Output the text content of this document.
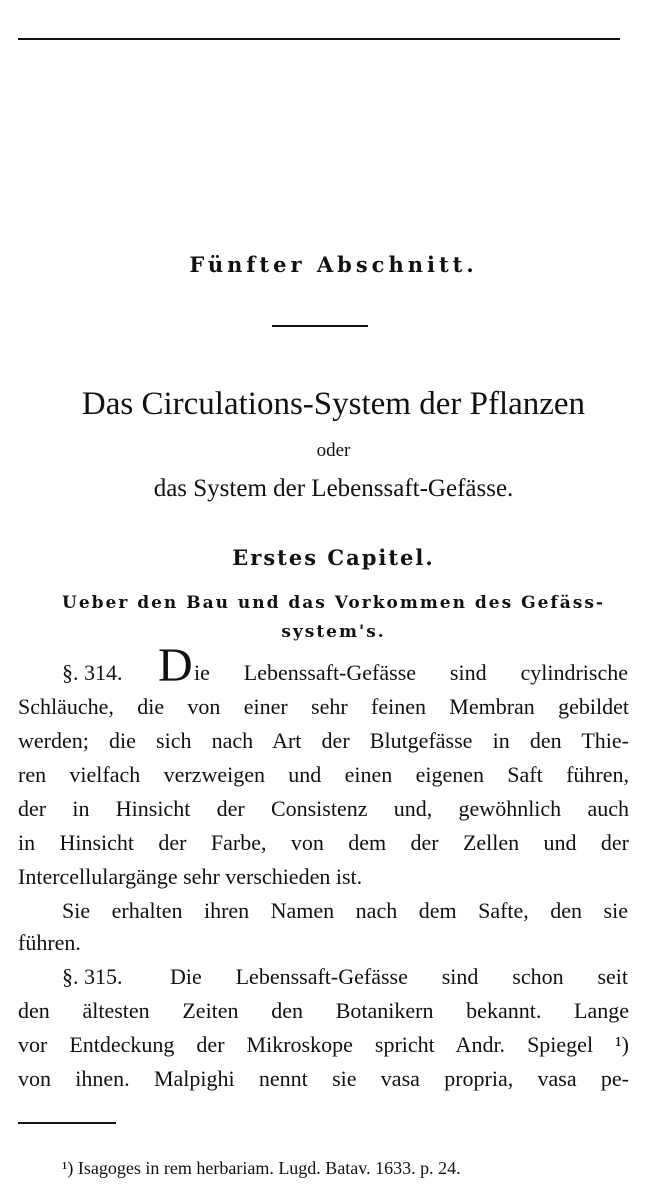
Fünfter Abschnitt.
Das Circulations-System der Pflanzen
oder
das System der Lebenssaft-Gefässe.
Erstes Capitel.
Ueber den Bau und das Vorkommen des Gefäss-
system's.
§. 314. D ie Lebenssaft-Gefässe sind cylindrische
Schläuche, die von einer sehr feinen Membran gebildet
werden; die sich nach Art der Blutgefässe in den Thie-
ren vielfach verzweigen und einen eigenen Saft führen,
der in Hinsicht der Consistenz und, gewöhnlich auch
in Hinsicht der Farbe, von dem der Zellen und der
Intercellulargänge sehr verschieden ist.
Sie erhalten ihren Namen nach dem Safte, den sie
führen.
§. 315. Die Lebenssaft-Gefässe sind schon seit
den ältesten Zeiten den Botanikern bekannt. Lange
vor Entdeckung der Mikroskope spricht Andr. Spiegel ¹)
von ihnen. Malpighi nennt sie vasa propria, vasa pe-
¹) Isagoges in rem herbariam. Lugd. Batav. 1633. p. 24.
